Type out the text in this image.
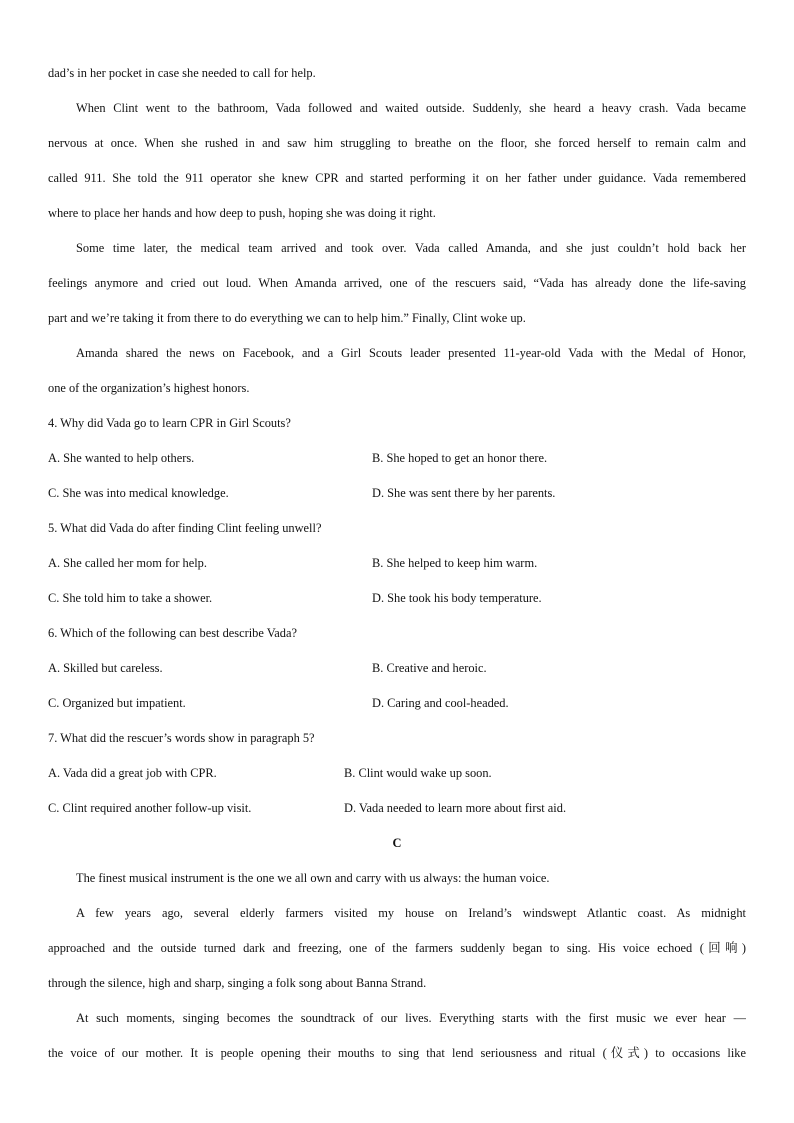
dad’s in her pocket in case she needed to call for help.
When Clint went to the bathroom, Vada followed and waited outside. Suddenly, she heard a heavy crash. Vada became
nervous at once. When she rushed in and saw him struggling to breathe on the floor, she forced herself to remain calm and
called 911. She told the 911 operator she knew CPR and started performing it on her father under guidance. Vada remembered
where to place her hands and how deep to push, hoping she was doing it right.
Some time later, the medical team arrived and took over. Vada called Amanda, and she just couldn’t hold back her
feelings anymore and cried out loud. When Amanda arrived, one of the rescuers said, “Vada has already done the life-saving
part and we’re taking it from there to do everything we can to help him.” Finally, Clint woke up.
Amanda shared the news on Facebook, and a Girl Scouts leader presented 11-year-old Vada with the Medal of Honor,
one of the organization’s highest honors.
4. Why did Vada go to learn CPR in Girl Scouts?
A. She wanted to help others.	B. She hoped to get an honor there.
C. She was into medical knowledge.	D. She was sent there by her parents.
5. What did Vada do after finding Clint feeling unwell?
A. She called her mom for help.	B. She helped to keep him warm.
C. She told him to take a shower.	D. She took his body temperature.
6. Which of the following can best describe Vada?
A. Skilled but careless.	B. Creative and heroic.
C. Organized but impatient.	D. Caring and cool-headed.
7. What did the rescuer’s words show in paragraph 5?
A. Vada did a great job with CPR.	B. Clint would wake up soon.
C. Clint required another follow-up visit.	D. Vada needed to learn more about first aid.
C
The finest musical instrument is the one we all own and carry with us always: the human voice.
A few years ago, several elderly farmers visited my house on Ireland’s windswept Atlantic coast. As midnight
approached and the outside turned dark and freezing, one of the farmers suddenly began to sing. His voice echoed (回响)
through the silence, high and sharp, singing a folk song about Banna Strand.
At such moments, singing becomes the soundtrack of our lives. Everything starts with the first music we ever hear —
the voice of our mother. It is people opening their mouths to sing that lend seriousness and ritual (仪式) to occasions like
